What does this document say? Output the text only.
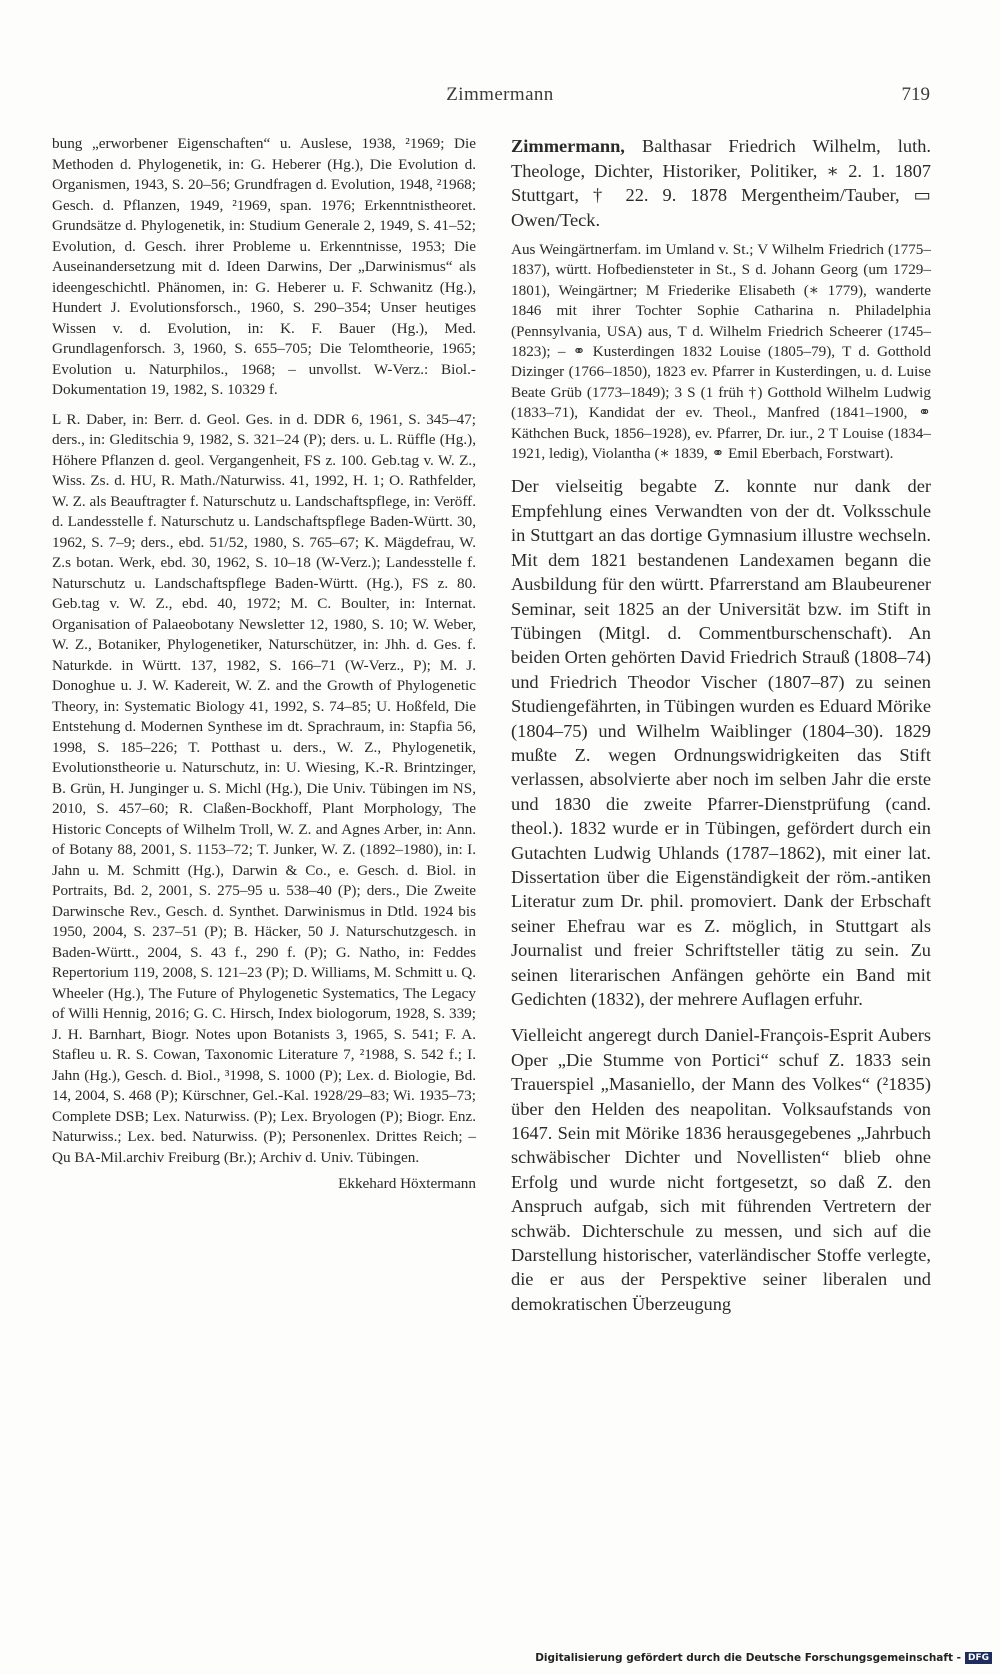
Zimmermann	719

bung „erworbener Eigenschaften“ u. Auslese, 1938, ²1969; Die Methoden d. Phylogenetik, in: G. Heberer (Hg.), Die Evolution d. Organismen, 1943, S. 20–56; Grundfragen d. Evolution, 1948, ²1968; Gesch. d. Pflanzen, 1949, ²1969, span. 1976; Erkenntnistheoret. Grundsätze d. Phylogenetik, in: Studium Generale 2, 1949, S. 41–52; Evolution, d. Gesch. ihrer Probleme u. Erkenntnisse, 1953; Die Auseinandersetzung mit d. Ideen Darwins, Der „Darwinismus“ als ideengeschichtl. Phänomen, in: G. Heberer u. F. Schwanitz (Hg.), Hundert J. Evolutionsforsch., 1960, S. 290–354; Unser heutiges Wissen v. d. Evolution, in: K. F. Bauer (Hg.), Med. Grundlagenforsch. 3, 1960, S. 655–705; Die Telomtheorie, 1965; Evolution u. Naturphilos., 1968; – unvollst. W-Verz.: Biol.-Dokumentation 19, 1982, S. 10329 f.

L R. Daber, in: Berr. d. Geol. Ges. in d. DDR 6, 1961, S. 345–47; ders., in: Gleditschia 9, 1982, S. 321–24 (P); ders. u. L. Rüffle (Hg.), Höhere Pflanzen d. geol. Vergangenheit, FS z. 100. Geb.tag v. W. Z., Wiss. Zs. d. HU, R. Math./Naturwiss. 41, 1992, H. 1; O. Rathfelder, W. Z. als Beauftragter f. Naturschutz u. Landschaftspflege, in: Veröff. d. Landesstelle f. Naturschutz u. Landschaftspflege Baden-Württ. 30, 1962, S. 7–9; ders., ebd. 51/52, 1980, S. 765–67; K. Mägdefrau, W. Z.s botan. Werk, ebd. 30, 1962, S. 10–18 (W-Verz.); Landesstelle f. Naturschutz u. Landschaftspflege Baden-Württ. (Hg.), FS z. 80. Geb.tag v. W. Z., ebd. 40, 1972; M. C. Boulter, in: Internat. Organisation of Palaeobotany Newsletter 12, 1980, S. 10; W. Weber, W. Z., Botaniker, Phylogenetiker, Naturschützer, in: Jhh. d. Ges. f. Naturkde. in Württ. 137, 1982, S. 166–71 (W-Verz., P); M. J. Donoghue u. J. W. Kadereit, W. Z. and the Growth of Phylogenetic Theory, in: Systematic Biology 41, 1992, S. 74–85; U. Hoßfeld, Die Entstehung d. Modernen Synthese im dt. Sprachraum, in: Stapfia 56, 1998, S. 185–226; T. Potthast u. ders., W. Z., Phylogenetik, Evolutionstheorie u. Naturschutz, in: U. Wiesing, K.-R. Brintzinger, B. Grün, H. Junginger u. S. Michl (Hg.), Die Univ. Tübingen im NS, 2010, S. 457–60; R. Claßen-Bockhoff, Plant Morphology, The Historic Concepts of Wilhelm Troll, W. Z. and Agnes Arber, in: Ann. of Botany 88, 2001, S. 1153–72; T. Junker, W. Z. (1892–1980), in: I. Jahn u. M. Schmitt (Hg.), Darwin & Co., e. Gesch. d. Biol. in Portraits, Bd. 2, 2001, S. 275–95 u. 538–40 (P); ders., Die Zweite Darwinsche Rev., Gesch. d. Synthet. Darwinismus in Dtld. 1924 bis 1950, 2004, S. 237–51 (P); B. Häcker, 50 J. Naturschutzgesch. in Baden-Württ., 2004, S. 43 f., 290 f. (P); G. Natho, in: Feddes Repertorium 119, 2008, S. 121–23 (P); D. Williams, M. Schmitt u. Q. Wheeler (Hg.), The Future of Phylogenetic Systematics, The Legacy of Willi Hennig, 2016; G. C. Hirsch, Index biologorum, 1928, S. 339; J. H. Barnhart, Biogr. Notes upon Botanists 3, 1965, S. 541; F. A. Stafleu u. R. S. Cowan, Taxonomic Literature 7, ²1988, S. 542 f.; I. Jahn (Hg.), Gesch. d. Biol., ³1998, S. 1000 (P); Lex. d. Biologie, Bd. 14, 2004, S. 468 (P); Kürschner, Gel.-Kal. 1928/29–83; Wi. 1935–73; Complete DSB; Lex. Naturwiss. (P); Lex. Bryologen (P); Biogr. Enz. Naturwiss.; Lex. bed. Naturwiss. (P); Personenlex. Drittes Reich; – Qu BA-Mil.archiv Freiburg (Br.); Archiv d. Univ. Tübingen.

Ekkehard Höxtermann

Zimmermann, Balthasar Friedrich Wilhelm, luth. Theologe, Dichter, Historiker, Politiker, ∗ 2. 1. 1807 Stuttgart, † 22. 9. 1878 Mergentheim/Tauber, ▭ Owen/Teck.

Aus Weingärtnerfam. im Umland v. St.; V Wilhelm Friedrich (1775–1837), württ. Hofbediensteter in St., S d. Johann Georg (um 1729–1801), Weingärtner; M Friederike Elisabeth (∗ 1779), wanderte 1846 mit ihrer Tochter Sophie Catharina n. Philadelphia (Pennsylvania, USA) aus, T d. Wilhelm Friedrich Scheerer (1745–1823); – ⚭ Kusterdingen 1832 Louise (1805–79), T d. Gotthold Dizinger (1766–1850), 1823 ev. Pfarrer in Kusterdingen, u. d. Luise Beate Grüb (1773–1849); 3 S (1 früh †) Gotthold Wilhelm Ludwig (1833–71), Kandidat der ev. Theol., Manfred (1841–1900, ⚭ Käthchen Buck, 1856–1928), ev. Pfarrer, Dr. iur., 2 T Louise (1834–1921, ledig), Violantha (∗ 1839, ⚭ Emil Eberbach, Forstwart).

Der vielseitig begabte Z. konnte nur dank der Empfehlung eines Verwandten von der dt. Volksschule in Stuttgart an das dortige Gymnasium illustre wechseln. Mit dem 1821 bestandenen Landexamen begann die Ausbildung für den württ. Pfarrerstand am Blaubeurener Seminar, seit 1825 an der Universität bzw. im Stift in Tübingen (Mitgl. d. Commentburschenschaft). An beiden Orten gehörten David Friedrich Strauß (1808–74) und Friedrich Theodor Vischer (1807–87) zu seinen Studiengefährten, in Tübingen wurden es Eduard Mörike (1804–75) und Wilhelm Waiblinger (1804–30). 1829 mußte Z. wegen Ordnungswidrigkeiten das Stift verlassen, absolvierte aber noch im selben Jahr die erste und 1830 die zweite Pfarrer-Dienstprüfung (cand. theol.). 1832 wurde er in Tübingen, gefördert durch ein Gutachten Ludwig Uhlands (1787–1862), mit einer lat. Dissertation über die Eigenständigkeit der röm.-antiken Literatur zum Dr. phil. promoviert. Dank der Erbschaft seiner Ehefrau war es Z. möglich, in Stuttgart als Journalist und freier Schriftsteller tätig zu sein. Zu seinen literarischen Anfängen gehörte ein Band mit Gedichten (1832), der mehrere Auflagen erfuhr.

Vielleicht angeregt durch Daniel-François-Esprit Aubers Oper „Die Stumme von Portici“ schuf Z. 1833 sein Trauerspiel „Masaniello, der Mann des Volkes“ (²1835) über den Helden des neapolitan. Volksaufstands von 1647. Sein mit Mörike 1836 herausgegebenes „Jahrbuch schwäbischer Dichter und Novellisten“ blieb ohne Erfolg und wurde nicht fortgesetzt, so daß Z. den Anspruch aufgab, sich mit führenden Vertretern der schwäb. Dichterschule zu messen, und sich auf die Darstellung historischer, vaterländischer Stoffe verlegte, die er aus der Perspektive seiner liberalen und demokratischen Überzeugung

Digitalisierung gefördert durch die Deutsche Forschungsgemeinschaft - DFG
